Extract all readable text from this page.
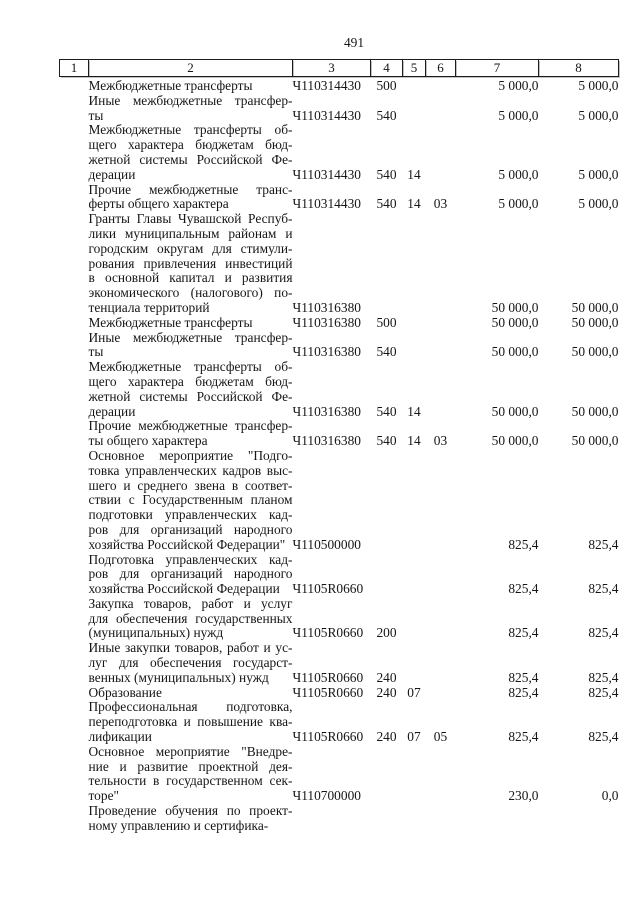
491
1	2	3	4	5	6	7	8

	Межбюджетные трансферты	Ч110314430	500			5 000,0	5 000,0

	Иные межбюджетные трансфер-
ты	Ч110314430	540			5 000,0	5 000,0

	Межбюджетные трансферты об-
щего характера бюджетам бюд-
жетной системы Российской Фе-
дерации	Ч110314430	540	14		5 000,0	5 000,0

	Прочие межбюджетные транс-
ферты общего характера	Ч110314430	540	14	03	5 000,0	5 000,0

Гранты Главы Чувашской Респуб-
лики муниципальным районам и
городским округам для стимули-
рования привлечения инвестиций
в основной капитал и развития
экономического (налогового) по-
тенциала территорий	Ч110316380				50 000,0	50 000,0

	Межбюджетные трансферты	Ч110316380	500			50 000,0	50 000,0

	Иные межбюджетные трансфер-
ты	Ч110316380	540			50 000,0	50 000,0

	Межбюджетные трансферты об-
щего характера бюджетам бюд-
жетной системы Российской Фе-
дерации	Ч110316380	540	14		50 000,0	50 000,0

	Прочие межбюджетные трансфер-
ты общего характера	Ч110316380	540	14	03	50 000,0	50 000,0

Основное мероприятие "Подго-
товка управленческих кадров выс-
шего и среднего звена в соответ-
ствии с Государственным планом
подготовки управленческих кад-
ров для организаций народного
хозяйства Российской Федерации"	Ч110500000				825,4	825,4

	Подготовка управленческих кад-
ров для организаций народного
хозяйства Российской Федерации	Ч1105R0660				825,4	825,4

	Закупка товаров, работ и услуг
для обеспечения государственных
(муниципальных) нужд	Ч1105R0660	200			825,4	825,4

	Иные закупки товаров, работ и ус-
луг для обеспечения государст-
венных (муниципальных) нужд	Ч1105R0660	240			825,4	825,4

	Образование	Ч1105R0660	240	07		825,4	825,4

	Профессиональная подготовка,
переподготовка и повышение ква-
лификации	Ч1105R0660	240	07	05	825,4	825,4

	Основное мероприятие "Внедре-
ние и развитие проектной дея-
тельности в государственном сек-
торе"	Ч110700000				230,0	0,0

	Проведение обучения по проект-
ному управлению и сертифика-						
